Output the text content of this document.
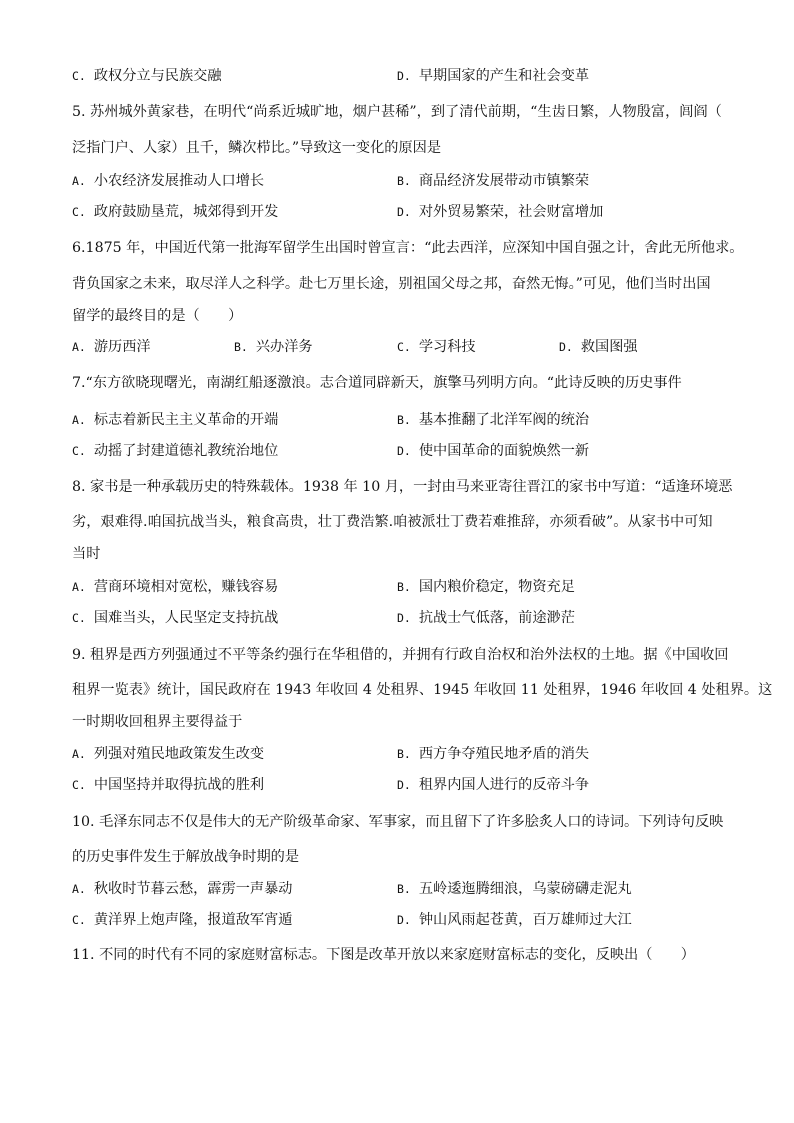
C. 政权分立与民族交融	D. 早期国家的产生和社会变革
5. 苏州城外黄家巷，在明代“尚系近城旷地，烟户甚稀”，到了清代前期，“生齿日繁，人物殷富，闾阎（
泛指门户、人家）且千，鳞次栉比。”导致这一变化的原因是
A. 小农经济发展推动人口增长	B. 商品经济发展带动市镇繁荣
C. 政府鼓励垦荒，城郊得到开发	D. 对外贸易繁荣，社会财富增加
6.1875 年，中国近代第一批海军留学生出国时曾宣言：“此去西洋，应深知中国自强之计，舍此无所他求。
背负国家之未来，取尽洋人之科学。赴七万里长途，别祖国父母之邦，奋然无悔。”可见，他们当时出国
留学的最终目的是（　　）
A. 游历西洋	B. 兴办洋务	C. 学习科技	D. 救国图强
7.“东方欲晓现曙光，南湖红船逐激浪。志合道同辟新天，旗擎马列明方向。“此诗反映的历史事件
A. 标志着新民主主义革命的开端	B. 基本推翻了北洋军阀的统治
C. 动摇了封建道德礼教统治地位	D. 使中国革命的面貌焕然一新
8. 家书是一种承载历史的特殊载体。1938 年 10 月，一封由马来亚寄往晋江的家书中写道：“适逢环境恶
劣，艰难得.咱国抗战当头，粮食高贵，壮丁费浩繁.咱被派壮丁费若难推辞，亦须看破”。从家书中可知
当时
A. 营商环境相对宽松，赚钱容易	B. 国内粮价稳定，物资充足
C. 国难当头，人民坚定支持抗战	D. 抗战士气低落，前途渺茫
9. 租界是西方列强通过不平等条约强行在华租借的，并拥有行政自治权和治外法权的土地。据《中国收回
租界一览表》统计，国民政府在 1943 年收回 4 处租界、1945 年收回 11 处租界，1946 年收回 4 处租界。这
一时期收回租界主要得益于
A. 列强对殖民地政策发生改变	B. 西方争夺殖民地矛盾的消失
C. 中国坚持并取得抗战的胜利	D. 租界内国人进行的反帝斗争
10. 毛泽东同志不仅是伟大的无产阶级革命家、军事家，而且留下了许多脍炙人口的诗词。下列诗句反映
的历史事件发生于解放战争时期的是
A. 秋收时节暮云愁，霹雳一声暴动	B. 五岭逶迤腾细浪，乌蒙磅礴走泥丸
C. 黄洋界上炮声隆，报道敌军宵遁	D. 钟山风雨起苍黄，百万雄师过大江
11. 不同的时代有不同的家庭财富标志。下图是改革开放以来家庭财富标志的变化，反映出（　　）
